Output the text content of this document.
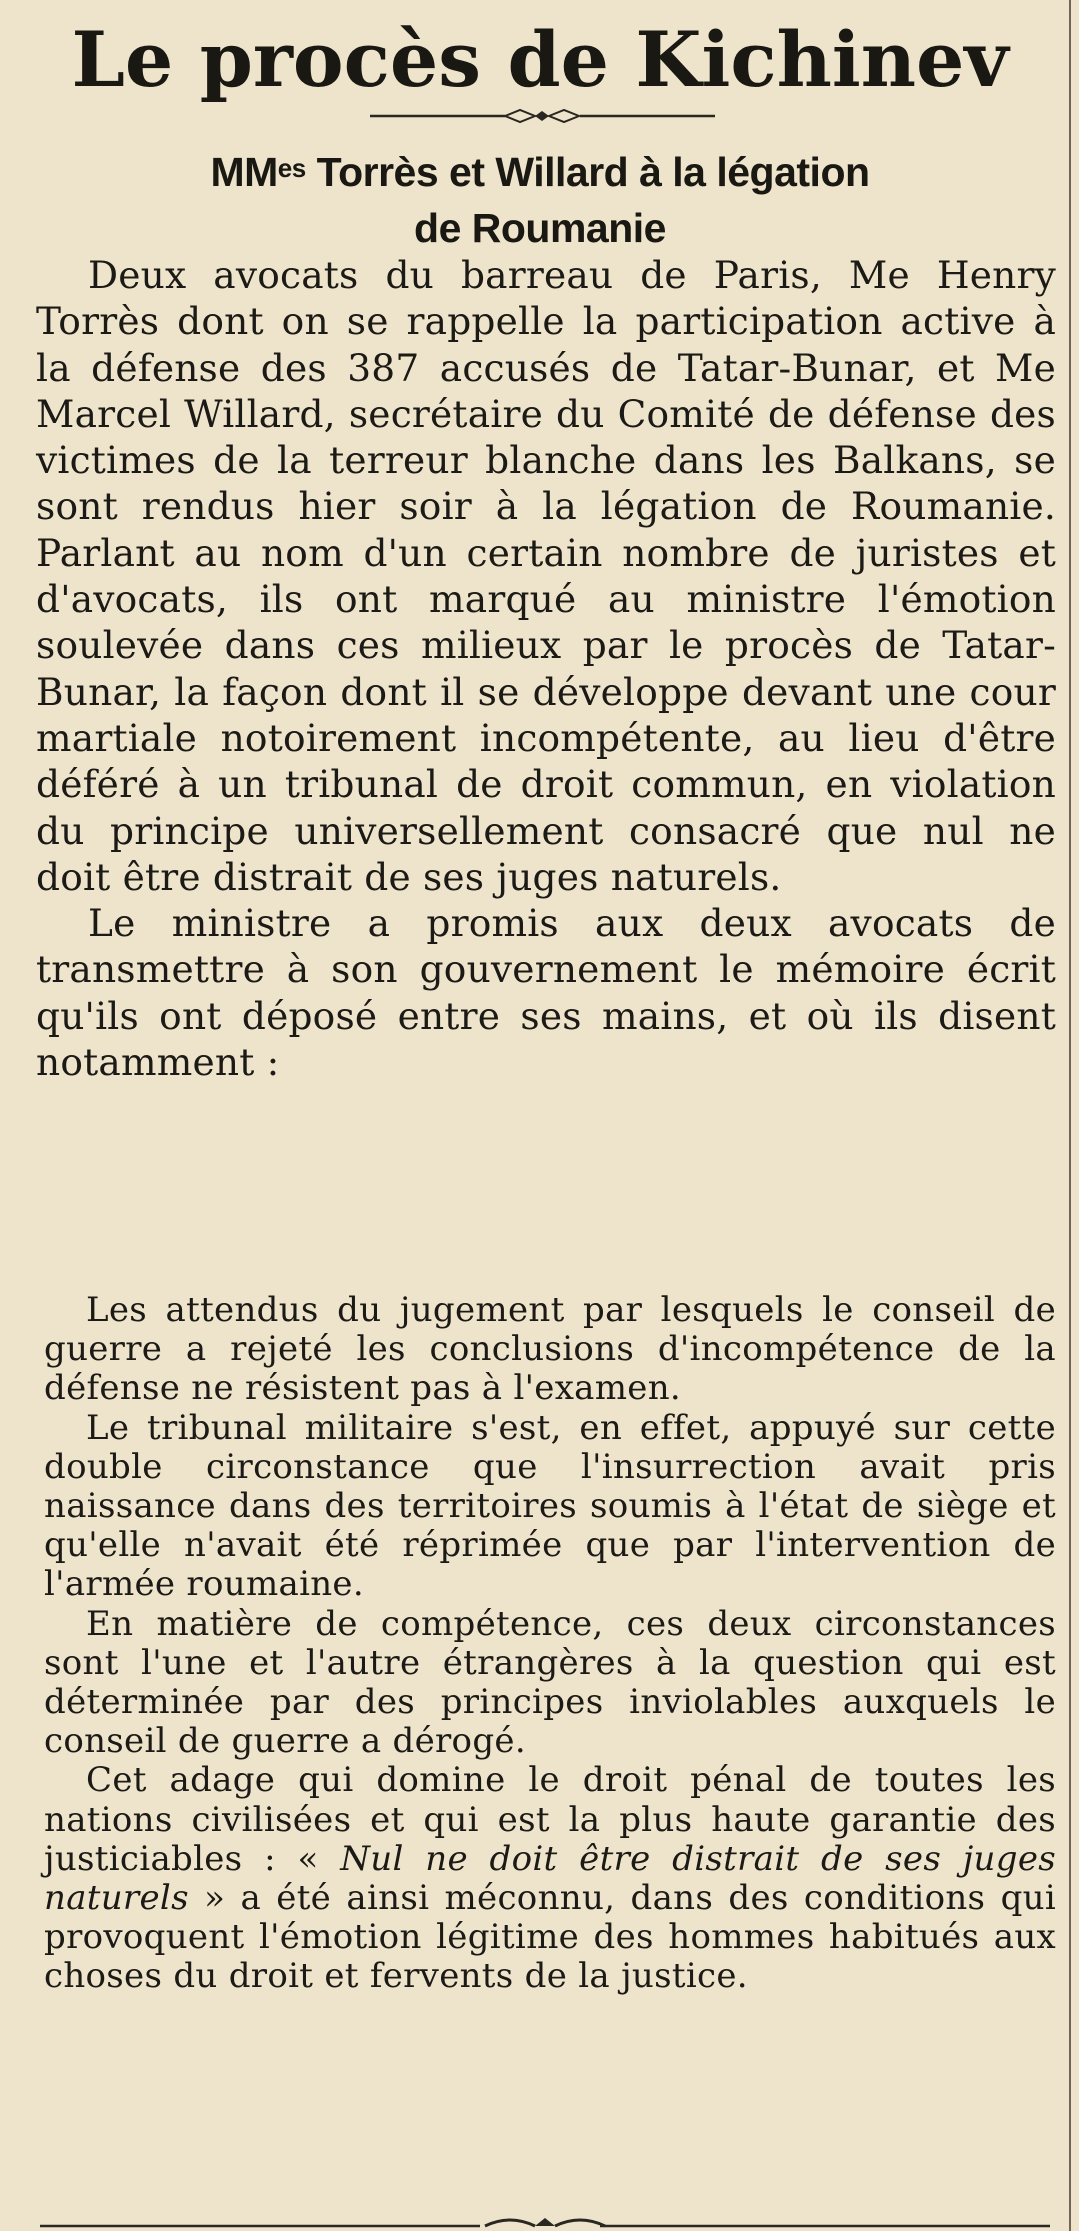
Le procès de Kichinev
$MM^{es}$ Torrès et Willard à la légation
de Roumanie

Deux avocats du barreau de Paris, Me Henry Torrès dont on se rappelle la participation active à la défense des 387 accusés de Tatar-Bunar, et Me Marcel Willard, secrétaire du Comité de défense des victimes de la terreur blanche dans les Balkans, se sont rendus hier soir à la légation de Roumanie. Parlant au nom d'un certain nombre de juristes et d'avocats, ils ont marqué au ministre l'émotion soulevée dans ces milieux par le procès de Tatar-Bunar, la façon dont il se développe devant une cour martiale notoirement incompétente, au lieu d'être déféré à un tribunal de droit commun, en violation du principe universellement consacré que nul ne doit être distrait de ses juges naturels.

Le ministre a promis aux deux avocats de transmettre à son gouvernement le mémoire écrit qu'ils ont déposé entre ses mains, et où ils disent notamment :

Les attendus du jugement par lesquels le conseil de guerre a rejeté les conclusions d'incompétence de la défense ne résistent pas à l'examen.

Le tribunal militaire s'est, en effet, appuyé sur cette double circonstance que l'insurrection avait pris naissance dans des territoires soumis à l'état de siège et qu'elle n'avait été réprimée que par l'intervention de l'armée roumaine.

En matière de compétence, ces deux circonstances sont l'une et l'autre étrangères à la question qui est déterminée par des principes inviolables auxquels le conseil de guerre a dérogé.

Cet adage qui domine le droit pénal de toutes les nations civilisées et qui est la plus haute garantie des justiciables : « Nul ne doit être distrait de ses juges naturels » a été ainsi méconnu, dans des conditions qui provoquent l'émotion légitime des hommes habitués aux choses du droit et fervents de la justice.
